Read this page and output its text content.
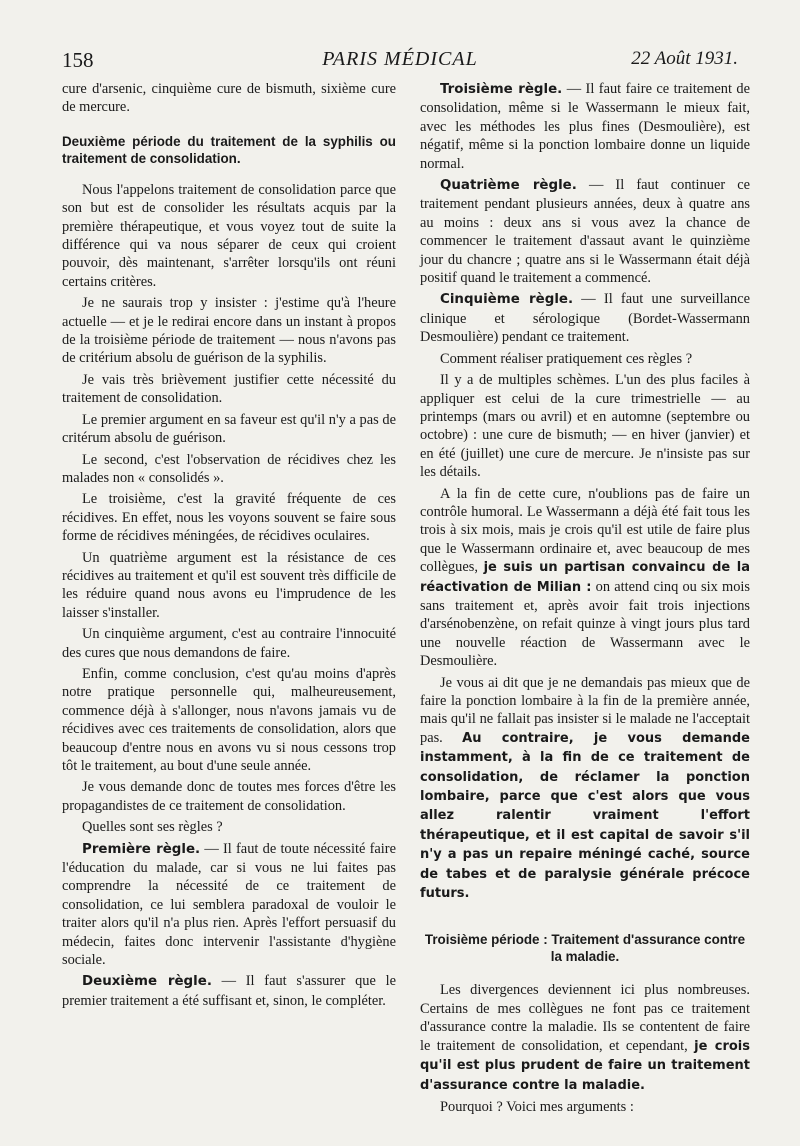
158	PARIS MÉDICAL	22 Août 1931.

cure d'arsenic, cinquième cure de bismuth, sixième cure de mercure.

Deuxième période du traitement de la syphilis ou traitement de consolidation.

Nous l'appelons traitement de consolidation parce que son but est de consolider les résultats acquis par la première thérapeutique, et vous voyez tout de suite la différence qui va nous séparer de ceux qui croient pouvoir, dès maintenant, s'arrêter lorsqu'ils ont réuni certains critères.

Je ne saurais trop y insister : j'estime qu'à l'heure actuelle — et je le redirai encore dans un instant à propos de la troisième période de traitement — nous n'avons pas de critérium absolu de guérison de la syphilis.

Je vais très brièvement justifier cette nécessité du traitement de consolidation.

Le premier argument en sa faveur est qu'il n'y a pas de critérum absolu de guérison.

Le second, c'est l'observation de récidives chez les malades non « consolidés ».

Le troisième, c'est la gravité fréquente de ces récidives. En effet, nous les voyons souvent se faire sous forme de récidives méningées, de récidives oculaires.

Un quatrième argument est la résistance de ces récidives au traitement et qu'il est souvent très difficile de les réduire quand nous avons eu l'imprudence de les laisser s'installer.

Un cinquième argument, c'est au contraire l'innocuité des cures que nous demandons de faire.

Enfin, comme conclusion, c'est qu'au moins d'après notre pratique personnelle qui, malheureusement, commence déjà à s'allonger, nous n'avons jamais vu de récidives avec ces traitements de consolidation, alors que beaucoup d'entre nous en avons vu si nous cessons trop tôt le traitement, au bout d'une seule année.

Je vous demande donc de toutes mes forces d'être les propagandistes de ce traitement de consolidation.

Quelles sont ses règles ?

Première règle. — Il faut de toute nécessité faire l'éducation du malade, car si vous ne lui faites pas comprendre la nécessité de ce traitement de consolidation, ce lui semblera paradoxal de vouloir le traiter alors qu'il n'a plus rien. Après l'effort persuasif du médecin, faites donc intervenir l'assistante d'hygiène sociale.

Deuxième règle. — Il faut s'assurer que le premier traitement a été suffisant et, sinon, le compléter.

Troisième règle. — Il faut faire ce traitement de consolidation, même si le Wassermann le mieux fait, avec les méthodes les plus fines (Desmoulière), est négatif, même si la ponction lombaire donne un liquide normal.

Quatrième règle. — Il faut continuer ce traitement pendant plusieurs années, deux à quatre ans au moins : deux ans si vous avez la chance de commencer le traitement d'assaut avant le quinzième jour du chancre ; quatre ans si le Wassermann était déjà positif quand le traitement a commencé.

Cinquième règle. — Il faut une surveillance clinique et sérologique (Bordet-Wassermann Desmoulière) pendant ce traitement.

Comment réaliser pratiquement ces règles ?

Il y a de multiples schèmes. L'un des plus faciles à appliquer est celui de la cure trimestrielle — au printemps (mars ou avril) et en automne (septembre ou octobre) : une cure de bismuth; — en hiver (janvier) et en été (juillet) une cure de mercure. Je n'insiste pas sur les détails.

A la fin de cette cure, n'oublions pas de faire un contrôle humoral. Le Wassermann a déjà été fait tous les trois à six mois, mais je crois qu'il est utile de faire plus que le Wassermann ordinaire et, avec beaucoup de mes collègues, je suis un partisan convaincu de la réactivation de Milian : on attend cinq ou six mois sans traitement et, après avoir fait trois injections d'arsénobenzène, on refait quinze à vingt jours plus tard une nouvelle réaction de Wassermann avec le Desmoulière.

Je vous ai dit que je ne demandais pas mieux que de faire la ponction lombaire à la fin de la première année, mais qu'il ne fallait pas insister si le malade ne l'acceptait pas. Au contraire, je vous demande instamment, à la fin de ce traitement de consolidation, de réclamer la ponction lombaire, parce que c'est alors que vous allez ralentir vraiment l'effort thérapeutique, et il est capital de savoir s'il n'y a pas un repaire méningé caché, source de tabes et de paralysie générale précoce futurs.

Troisième période : Traitement d'assurance contre la maladie.

Les divergences deviennent ici plus nombreuses. Certains de mes collègues ne font pas ce traitement d'assurance contre la maladie. Ils se contentent de faire le traitement de consolidation, et cependant, je crois qu'il est plus prudent de faire un traitement d'assurance contre la maladie.

Pourquoi ? Voici mes arguments :
